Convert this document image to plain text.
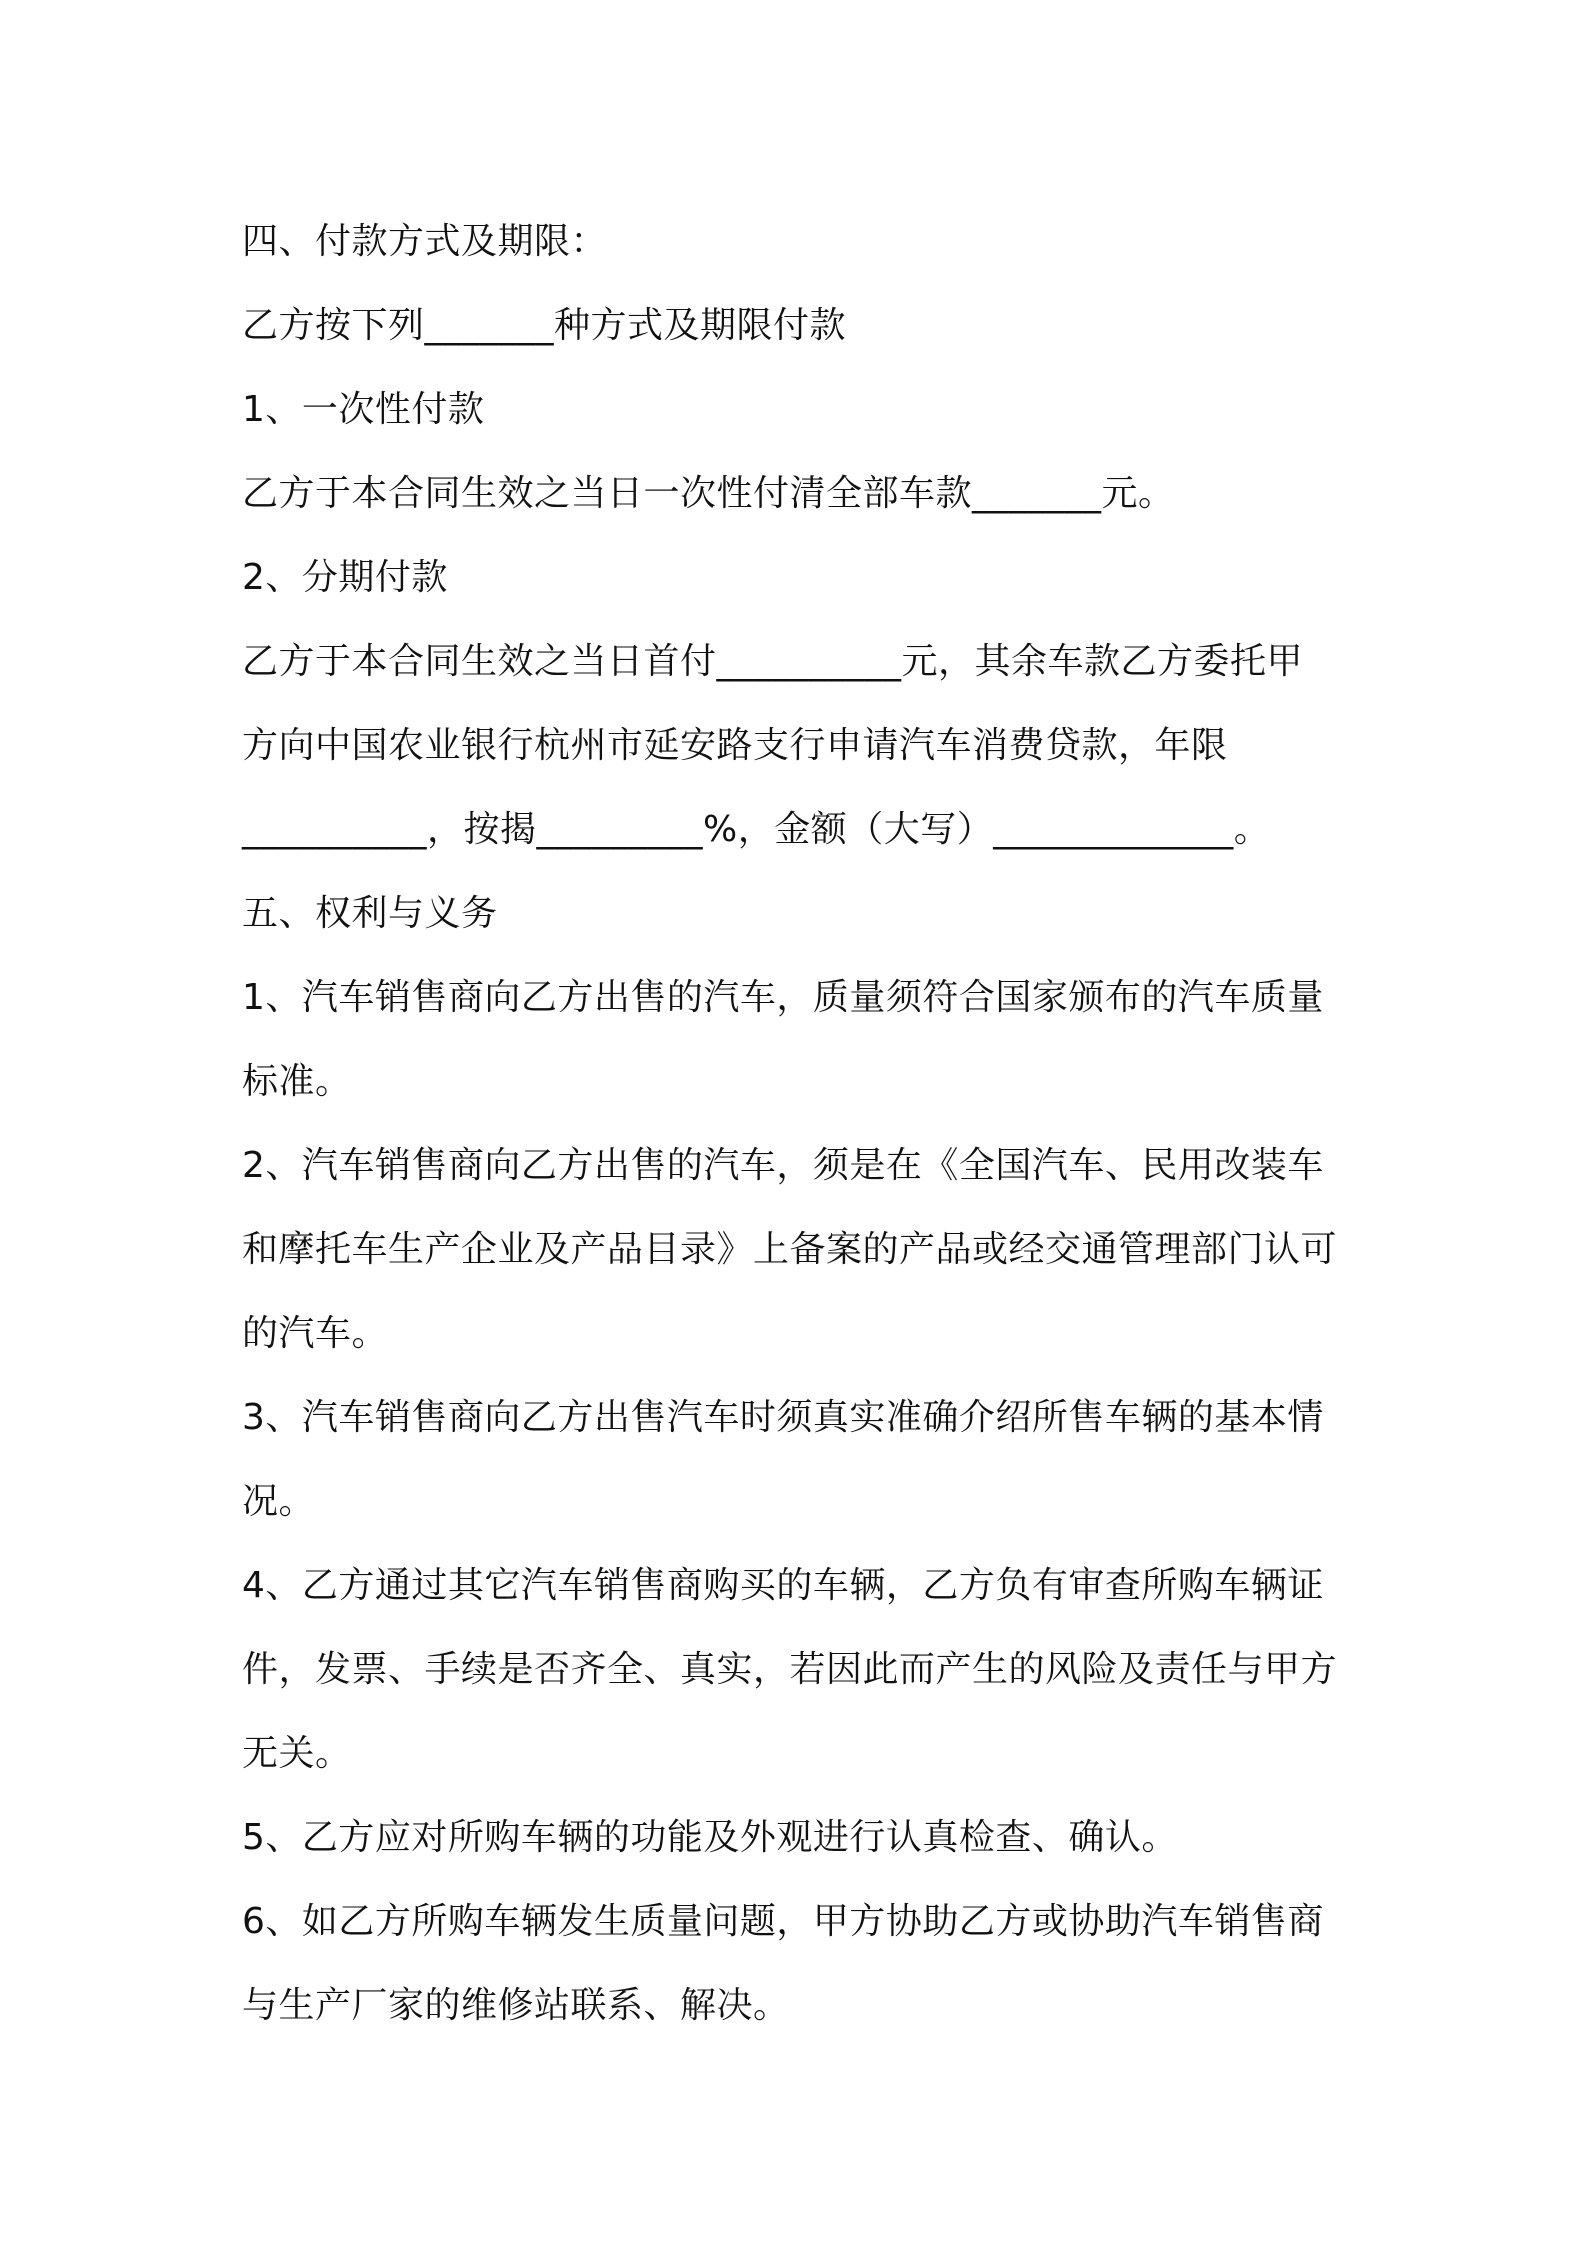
四、付款方式及期限：
乙方按下列_______种方式及期限付款
1、一次性付款
乙方于本合同生效之当日一次性付清全部车款_______元。
2、分期付款
乙方于本合同生效之当日首付__________元，其余车款乙方委托甲
方向中国农业银行杭州市延安路支行申请汽车消费贷款，年限
__________，按揭_________%，金额（大写）_____________。
五、权利与义务
1、汽车销售商向乙方出售的汽车，质量须符合国家颁布的汽车质量
标准。
2、汽车销售商向乙方出售的汽车，须是在《全国汽车、民用改装车
和摩托车生产企业及产品目录》上备案的产品或经交通管理部门认可
的汽车。
3、汽车销售商向乙方出售汽车时须真实准确介绍所售车辆的基本情
况。
4、乙方通过其它汽车销售商购买的车辆，乙方负有审查所购车辆证
件，发票、手续是否齐全、真实，若因此而产生的风险及责任与甲方
无关。
5、乙方应对所购车辆的功能及外观进行认真检查、确认。
6、如乙方所购车辆发生质量问题，甲方协助乙方或协助汽车销售商
与生产厂家的维修站联系、解决。
